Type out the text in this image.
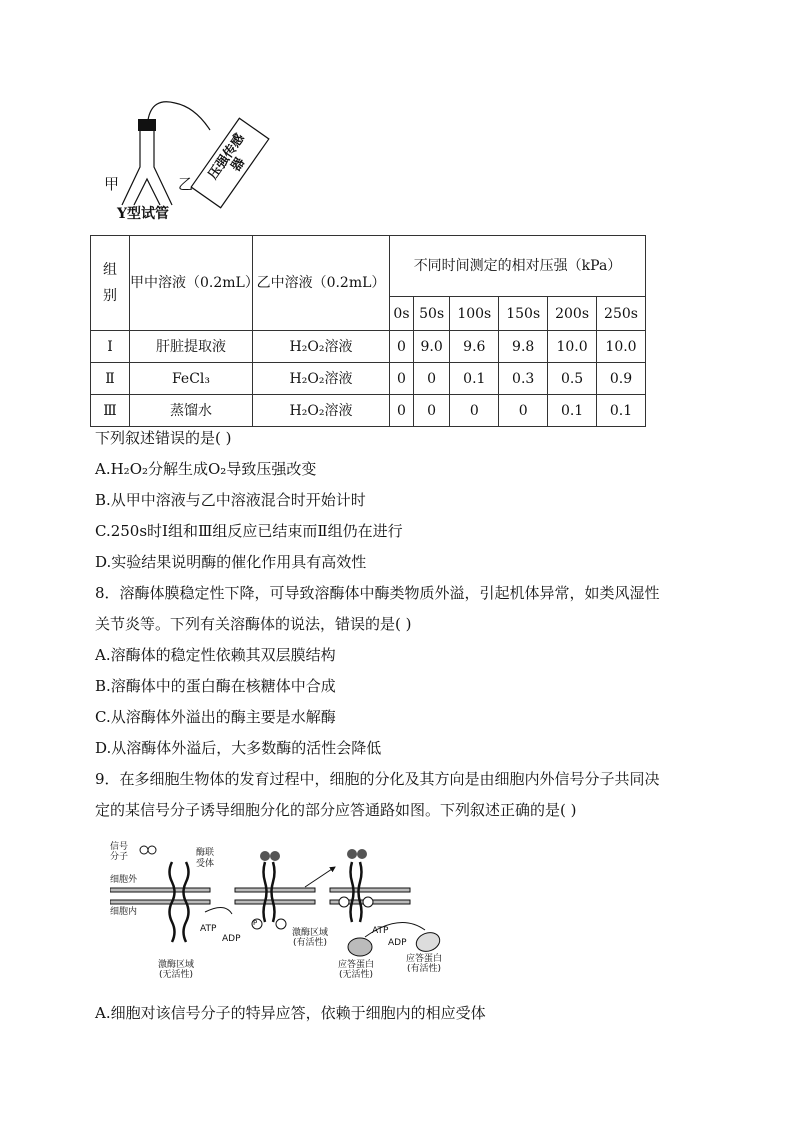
压强传感器
甲	乙
Y型试管
组别	甲中溶液（0.2mL）	乙中溶液（0.2mL）	不同时间测定的相对压强（kPa）					
			0s	50s	100s	150s	200s	250s
Ⅰ	肝脏提取液	H₂O₂溶液	0	9.0	9.6	9.8	10.0	10.0
Ⅱ	FeCl₃	H₂O₂溶液	0	0	0.1	0.3	0.5	0.9
Ⅲ	蒸馏水	H₂O₂溶液	0	0	0	0	0.1	0.1
下列叙述错误的是( )
A.H₂O₂分解生成O₂导致压强改变
B.从甲中溶液与乙中溶液混合时开始计时
C.250s时Ⅰ组和Ⅲ组反应已结束而Ⅱ组仍在进行
D.实验结果说明酶的催化作用具有高效性
8．溶酶体膜稳定性下降，可导致溶酶体中酶类物质外溢，引起机体异常，如类风湿性
关节炎等。下列有关溶酶体的说法，错误的是( )
A.溶酶体的稳定性依赖其双层膜结构
B.溶酶体中的蛋白酶在核糖体中合成
C.从溶酶体外溢出的酶主要是水解酶
D.从溶酶体外溢后，大多数酶的活性会降低
9．在多细胞生物体的发育过程中，细胞的分化及其方向是由细胞内外信号分子共同决
定的某信号分子诱导细胞分化的部分应答通路如图。下列叙述正确的是( )
信号
分子	酶联
受体
细胞外
细胞内
ATP
ADP
激酶区域
(无活性)
激酶区域
(有活性)
ATP
ADP
应答蛋白
(无活性)
应答蛋白
(有活性)
P
A.细胞对该信号分子的特异应答，依赖于细胞内的相应受体
